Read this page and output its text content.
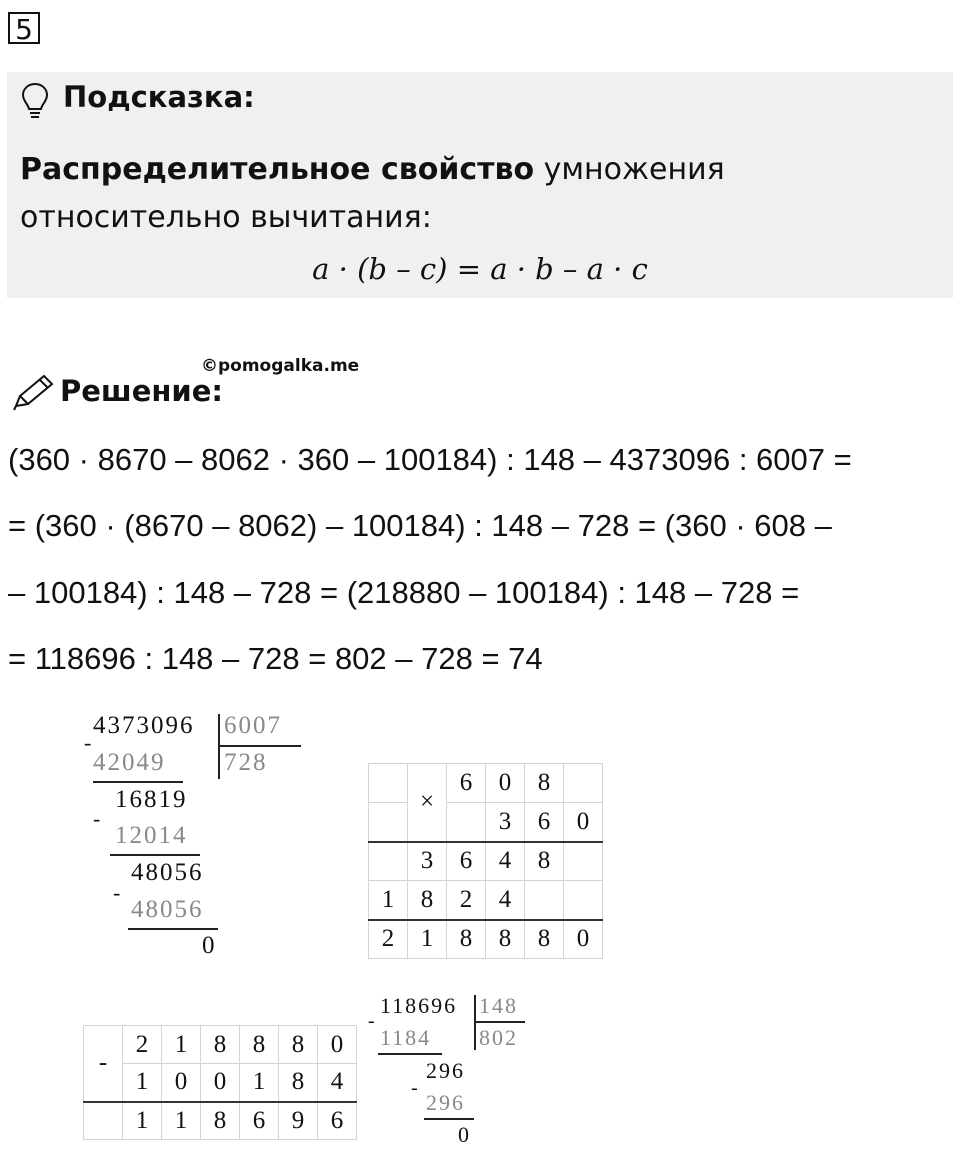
5
Подсказка:
Распределительное свойство умножения относительно вычитания:
a · (b – c) = a · b – a · c
©pomogalka.me
Решение:
(360 · 8670 – 8062 · 360 – 100184) : 148 – 4373096 : 6007 =
= (360 · (8670 – 8062) – 100184) : 148 – 728 = (360 · 608 –
– 100184) : 148 – 728 = (218880 – 100184) : 148 – 728 =
= 118696 : 148 – 728 = 802 – 728 = 74
-
4373096 6007
728
42049
16819
-
12014
48056
-
48056
0
	×	6	0	8	
			3	6	0
	3	6	4	8	
1	8	2	4		
2	1	8	8	8	0
-	2	1	8	8	8	0
	1	0	0	1	8	4
	1	1	8	6	9	6
-
118696 148
802
1184
296
-
296
0
